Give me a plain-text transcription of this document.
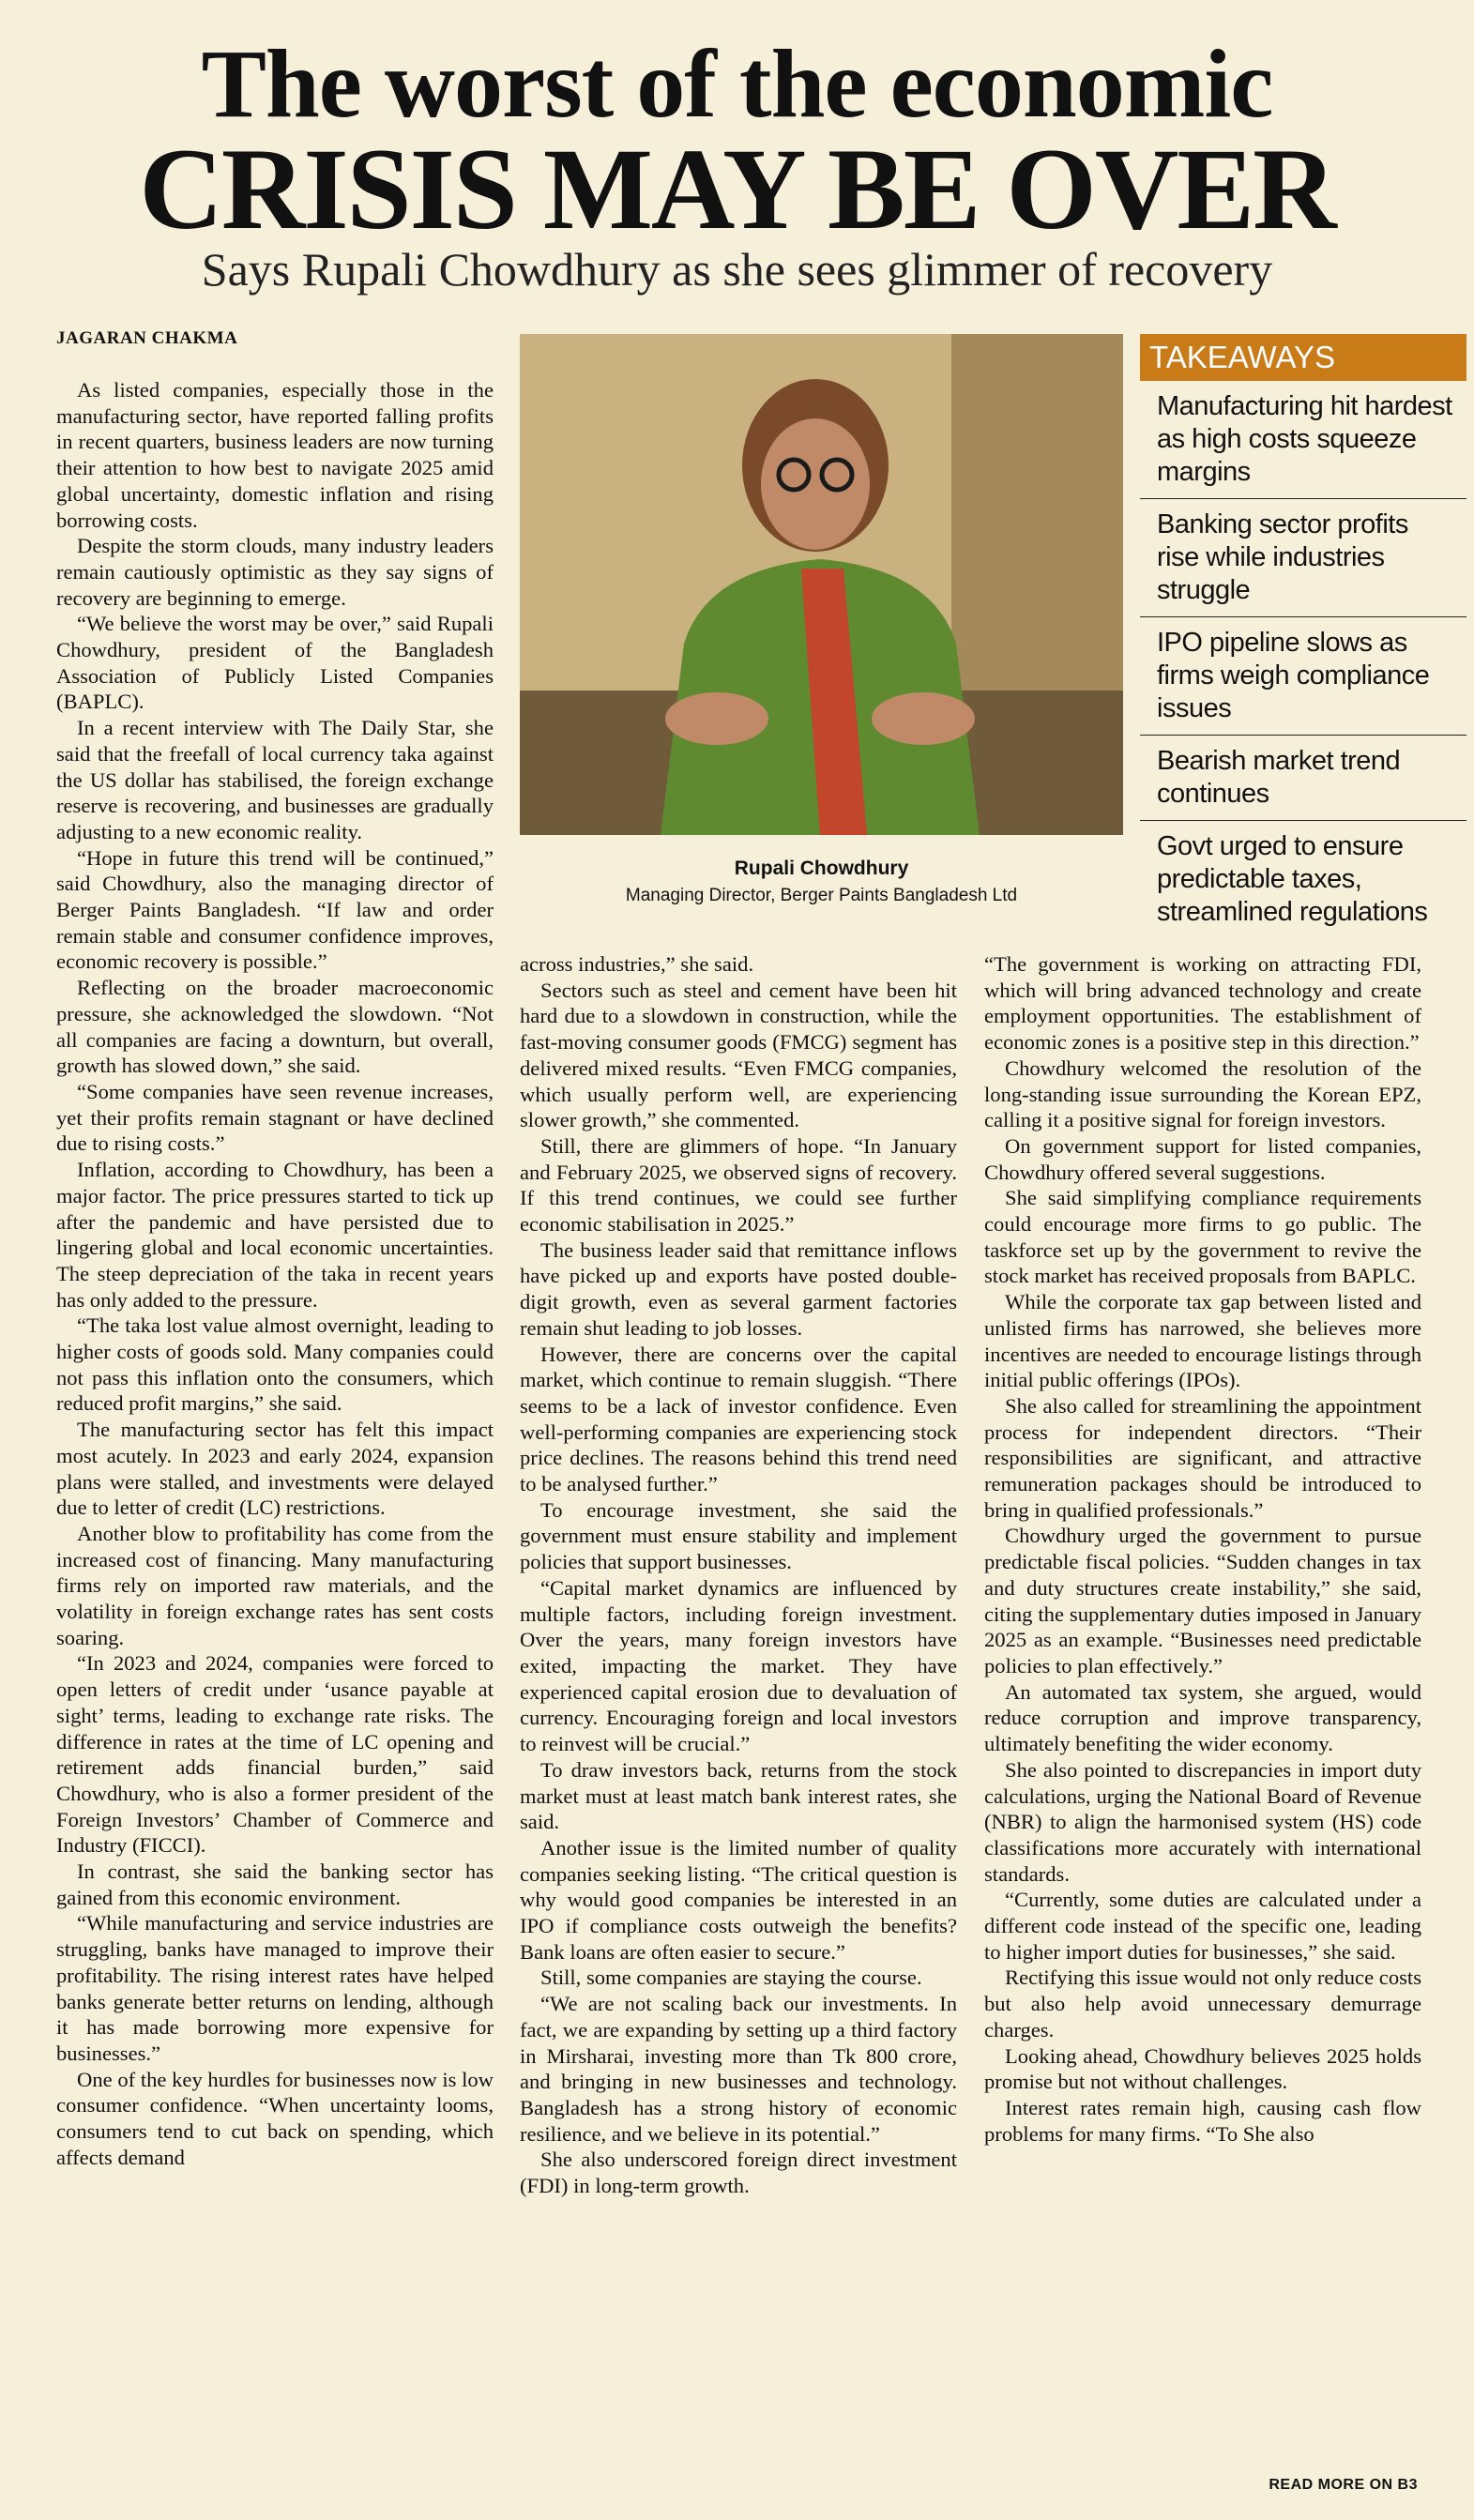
The worst of the economic
CRISIS MAY BE OVER
Says Rupali Chowdhury as she sees glimmer of recovery
JAGARAN CHAKMA

As listed companies, especially those in the manufacturing sector, have reported falling profits in recent quarters, business leaders are now turning their attention to how best to navigate 2025 amid global uncertainty, domestic inflation and rising borrowing costs.

Despite the storm clouds, many industry leaders remain cautiously optimistic as they say signs of recovery are beginning to emerge.

“We believe the worst may be over,” said Rupali Chowdhury, president of the Bangladesh Association of Publicly Listed Companies (BAPLC).

In a recent interview with The Daily Star, she said that the freefall of local currency taka against the US dollar has stabilised, the foreign exchange reserve is recovering, and businesses are gradually adjusting to a new economic reality.

“Hope in future this trend will be continued,” said Chowdhury, also the managing director of Berger Paints Bangladesh. “If law and order remain stable and consumer confidence improves, economic recovery is possible.”

Reflecting on the broader macroeconomic pressure, she acknowledged the slowdown. “Not all companies are facing a downturn, but overall, growth has slowed down,” she said.

“Some companies have seen revenue increases, yet their profits remain stagnant or have declined due to rising costs.”

Inflation, according to Chowdhury, has been a major factor. The price pressures started to tick up after the pandemic and have persisted due to lingering global and local economic uncertainties. The steep depreciation of the taka in recent years has only added to the pressure.

“The taka lost value almost overnight, leading to higher costs of goods sold. Many companies could not pass this inflation onto the consumers, which reduced profit margins,” she said.

The manufacturing sector has felt this impact most acutely. In 2023 and early 2024, expansion plans were stalled, and investments were delayed due to letter of credit (LC) restrictions.

Another blow to profitability has come from the increased cost of financing. Many manufacturing firms rely on imported raw materials, and the volatility in foreign exchange rates has sent costs soaring.

“In 2023 and 2024, companies were forced to open letters of credit under ‘usance payable at sight’ terms, leading to exchange rate risks. The difference in rates at the time of LC opening and retirement adds financial burden,” said Chowdhury, who is also a former president of the Foreign Investors’ Chamber of Commerce and Industry (FICCI).

In contrast, she said the banking sector has gained from this economic environment.

“While manufacturing and service industries are struggling, banks have managed to improve their profitability. The rising interest rates have helped banks generate better returns on lending, although it has made borrowing more expensive for businesses.”

One of the key hurdles for businesses now is low consumer confidence. “When uncertainty looms, consumers tend to cut back on spending, which affects demand

Rupali Chowdhury
Managing Director, Berger Paints Bangladesh Ltd
TAKEAWAYS
Manufacturing hit hardest as high costs squeeze margins
Banking sector profits rise while industries struggle
IPO pipeline slows as firms weigh compliance issues
Bearish market trend continues
Govt urged to ensure predictable taxes, streamlined regulations

across industries,” she said.

Sectors such as steel and cement have been hit hard due to a slowdown in construction, while the fast-moving consumer goods (FMCG) segment has delivered mixed results. “Even FMCG companies, which usually perform well, are experiencing slower growth,” she commented.

Still, there are glimmers of hope. “In January and February 2025, we observed signs of recovery. If this trend continues, we could see further economic stabilisation in 2025.”

The business leader said that remittance inflows have picked up and exports have posted double-digit growth, even as several garment factories remain shut leading to job losses.

However, there are concerns over the capital market, which continue to remain sluggish. “There seems to be a lack of investor confidence. Even well-performing companies are experiencing stock price declines. The reasons behind this trend need to be analysed further.”

To encourage investment, she said the government must ensure stability and implement policies that support businesses.

“Capital market dynamics are influenced by multiple factors, including foreign investment. Over the years, many foreign investors have exited, impacting the market. They have experienced capital erosion due to devaluation of currency. Encouraging foreign and local investors to reinvest will be crucial.”

To draw investors back, returns from the stock market must at least match bank interest rates, she said.

Another issue is the limited number of quality companies seeking listing. “The critical question is why would good companies be interested in an IPO if compliance costs outweigh the benefits? Bank loans are often easier to secure.”

Still, some companies are staying the course.

“We are not scaling back our investments. In fact, we are expanding by setting up a third factory in Mirsharai, investing more than Tk 800 crore, and bringing in new businesses and technology. Bangladesh has a strong history of economic resilience, and we believe in its potential.”

She also underscored foreign direct investment (FDI) in long-term growth.

“The government is working on attracting FDI, which will bring advanced technology and create employment opportunities. The establishment of economic zones is a positive step in this direction.”

Chowdhury welcomed the resolution of the long-standing issue surrounding the Korean EPZ, calling it a positive signal for foreign investors.

On government support for listed companies, Chowdhury offered several suggestions.

She said simplifying compliance requirements could encourage more firms to go public. The taskforce set up by the government to revive the stock market has received proposals from BAPLC.

While the corporate tax gap between listed and unlisted firms has narrowed, she believes more incentives are needed to encourage listings through initial public offerings (IPOs).

She also called for streamlining the appointment process for independent directors. “Their responsibilities are significant, and attractive remuneration packages should be introduced to bring in qualified professionals.”

Chowdhury urged the government to pursue predictable fiscal policies. “Sudden changes in tax and duty structures create instability,” she said, citing the supplementary duties imposed in January 2025 as an example. “Businesses need predictable policies to plan effectively.”

An automated tax system, she argued, would reduce corruption and improve transparency, ultimately benefiting the wider economy.

She also pointed to discrepancies in import duty calculations, urging the National Board of Revenue (NBR) to align the harmonised system (HS) code classifications more accurately with international standards.

“Currently, some duties are calculated under a different code instead of the specific one, leading to higher import duties for businesses,” she said.

Rectifying this issue would not only reduce costs but also help avoid unnecessary demurrage charges.

Looking ahead, Chowdhury believes 2025 holds promise but not without challenges.

Interest rates remain high, causing cash flow problems for many firms. “To She also

READ MORE ON B3
